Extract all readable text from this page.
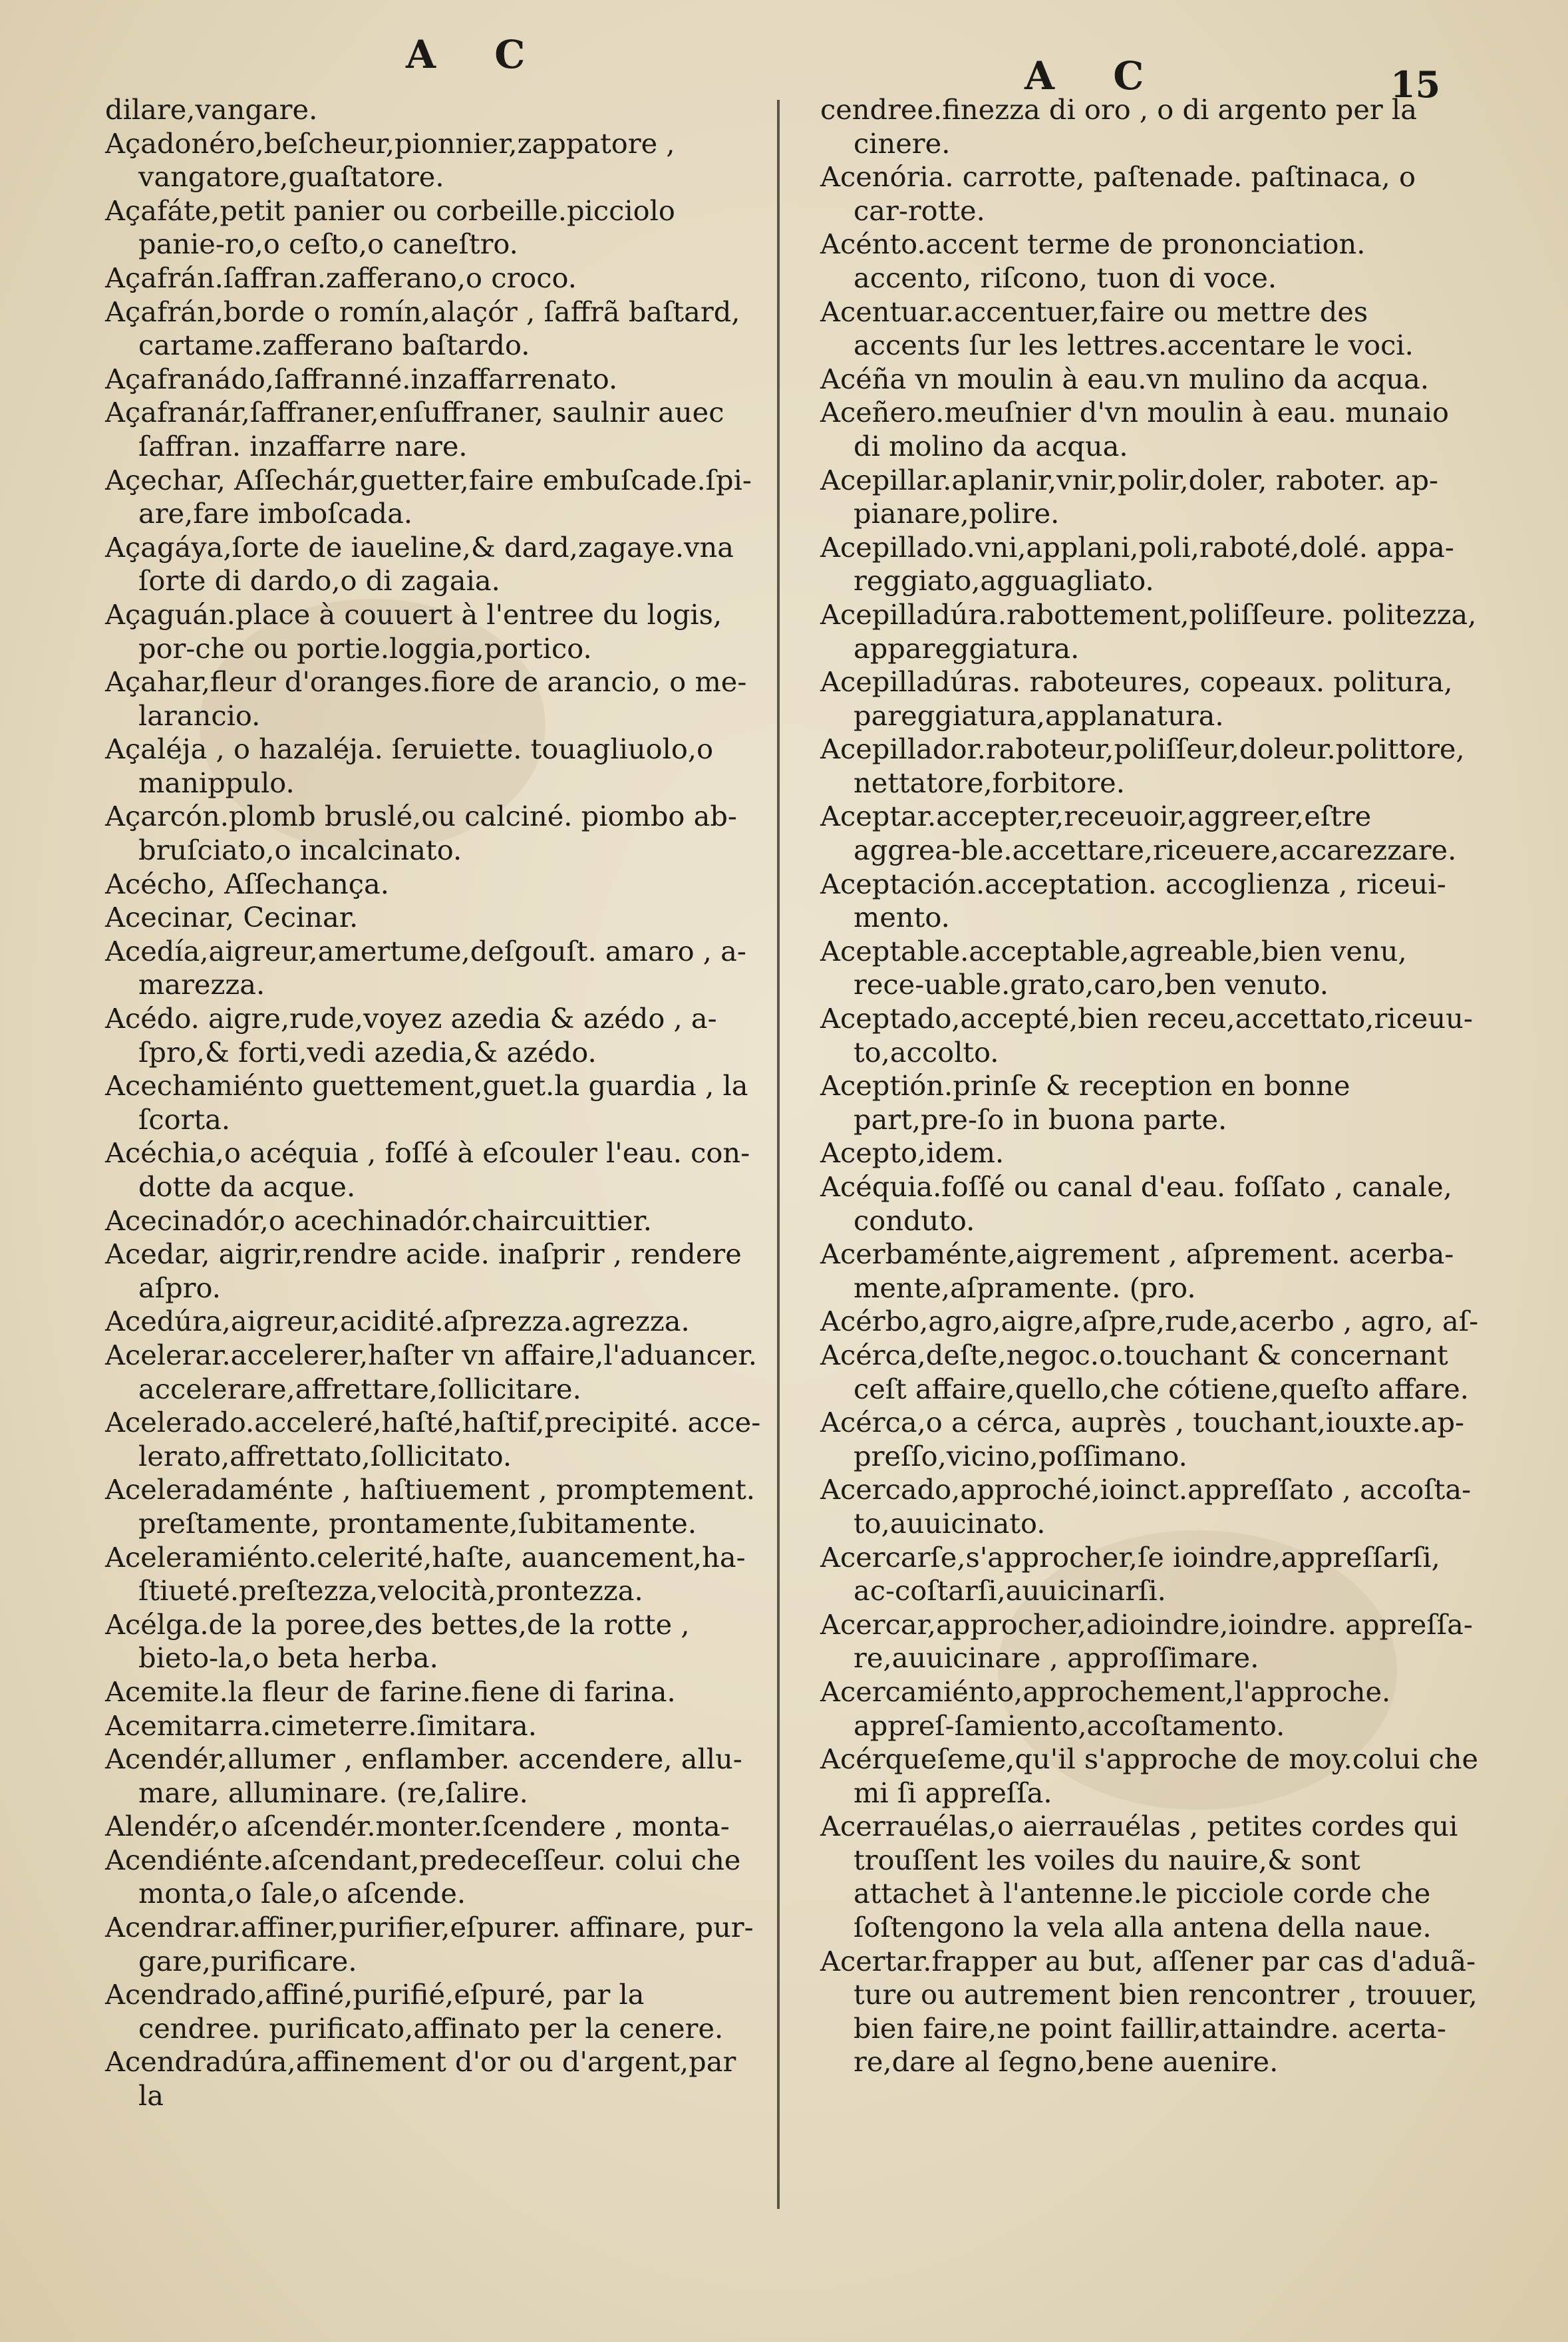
A C	A C	15

dilare,vangare.

Açadonéro,beſcheur,pionnier,zappatore , vangatore,guaſtatore.

Açafáte,petit panier ou corbeille.picciolo panie-ro,o ceſto,o caneſtro.

Açafrán.ſaffran.zafferano,o croco.

Açafrán,borde o romín,alaçór , ſaffrã baſtard, cartame.zafferano baſtardo.

Açafranádo,ſaffranné.inzaffarrenato.

Açafranár,ſaffraner,enſuffraner, saulnir auec ſaffran. inzaffarre nare.

Açechar, Aſſechár,guetter,faire embuſcade.ſpi-are,fare imboſcada.

Açagáya,ſorte de iaueline,& dard,zagaye.vna ſorte di dardo,o di zagaia.

Açaguán.place à couuert à l'entree du logis, por-che ou portie.loggia,portico.

Açahar,fleur d'oranges.fiore de arancio, o me-larancio.

Açaléja , o hazaléja. ſeruiette. touagliuolo,o manippulo.

Açarcón.plomb bruslé,ou calciné. piombo ab-bruſciato,o incalcinato.

Acécho, Aſſechança.

Acecinar, Cecinar.

Acedía,aigreur,amertume,deſgouſt. amaro , a-marezza.

Acédo. aigre,rude,voyez azedia & azédo , a-ſpro,& forti,vedi azedia,& azédo.

Acechamiénto guettement,guet.la guardia , la ſcorta.

Acéchia,o acéquia , foſſé à eſcouler l'eau. con-dotte da acque.

Acecinadór,o acechinadór.chaircuittier.

Acedar, aigrir,rendre acide. inaſprir , rendere aſpro.

Acedúra,aigreur,acidité.aſprezza.agrezza.

Acelerar.accelerer,haſter vn affaire,l'aduancer. accelerare,affrettare,ſollicitare.

Acelerado.acceleré,haſté,haſtif,precipité. acce-lerato,affrettato,ſollicitato.

Aceleradaménte , haſtiuement , promptement. preſtamente, prontamente,ſubitamente.

Aceleramiénto.celerité,haſte, auancement,ha-ſtiueté.preſtezza,velocità,prontezza.

Acélga.de la poree,des bettes,de la rotte , bieto-la,o beta herba.

Acemite.la fleur de farine.fiene di farina.

Acemitarra.cimeterre.ſimitara.

Acendér,allumer , enflamber. accendere, allu-mare, alluminare. (re,ſalire.

Alendér,o aſcendér.monter.ſcendere , monta-

Acendiénte.aſcendant,predeceſſeur. colui che monta,o ſale,o aſcende.

Acendrar.affiner,purifier,eſpurer. affinare, pur-gare,purificare.

Acendrado,affiné,purifié,eſpuré, par la cendree. purificato,affinato per la cenere.

Acendradúra,affinement d'or ou d'argent,par la

cendree.finezza di oro , o di argento per la cinere.

Acenória. carrotte, paſtenade. paſtinaca, o car-rotte.

Acénto.accent terme de prononciation. accento, riſcono, tuon di voce.

Acentuar.accentuer,faire ou mettre des accents ſur les lettres.accentare le voci.

Acéña vn moulin à eau.vn mulino da acqua.

Aceñero.meuſnier d'vn moulin à eau. munaio di molino da acqua.

Acepillar.aplanir,vnir,polir,doler, raboter. ap-pianare,polire.

Acepillado.vni,applani,poli,raboté,dolé. appa-reggiato,agguagliato.

Acepilladúra.rabottement,poliſſeure. politezza, appareggiatura.

Acepilladúras. raboteures, copeaux. politura, pareggiatura,applanatura.

Acepillador.raboteur,poliſſeur,doleur.polittore, nettatore,forbitore.

Aceptar.accepter,receuoir,aggreer,eſtre aggrea-ble.accettare,riceuere,accarezzare.

Aceptación.acceptation. accoglienza , riceui-mento.

Aceptable.acceptable,agreable,bien venu, rece-uable.grato,caro,ben venuto.

Aceptado,accepté,bien receu,accettato,riceuu-to,accolto.

Aceptión.prinſe & reception en bonne part,pre-ſo in buona parte.

Acepto,idem.

Acéquia.foſſé ou canal d'eau. foſſato , canale, conduto.

Acerbaménte,aigrement , aſprement. acerba-mente,aſpramente. (pro.

Acérbo,agro,aigre,aſpre,rude,acerbo , agro, aſ-

Acérca,deſte,negoc.o.touchant & concernant ceſt affaire,quello,che cótiene,queſto affare.

Acérca,o a cérca, auprès , touchant,iouxte.ap-preſſo,vicino,poſſimano.

Acercado,approché,ioinct.appreſſato , accoſta-to,auuicinato.

Acercarſe,s'approcher,ſe ioindre,appreſſarſi, ac-coſtarſi,auuicinarſi.

Acercar,approcher,adioindre,ioindre. appreſſa-re,auuicinare , approſſimare.

Acercamiénto,approchement,l'approche. appreſ-ſamiento,accoſtamento.

Acérqueſeme,qu'il s'approche de moy.colui che mi ſi appreſſa.

Acerrauélas,o aierrauélas , petites cordes qui trouſſent les voiles du nauire,& sont attachet à l'antenne.le picciole corde che ſoſtengono la vela alla antena della naue.

Acertar.frapper au but, aſſener par cas d'aduã-ture ou autrement bien rencontrer , trouuer, bien faire,ne point faillir,attaindre. acerta-re,dare al ſegno,bene auenire.
